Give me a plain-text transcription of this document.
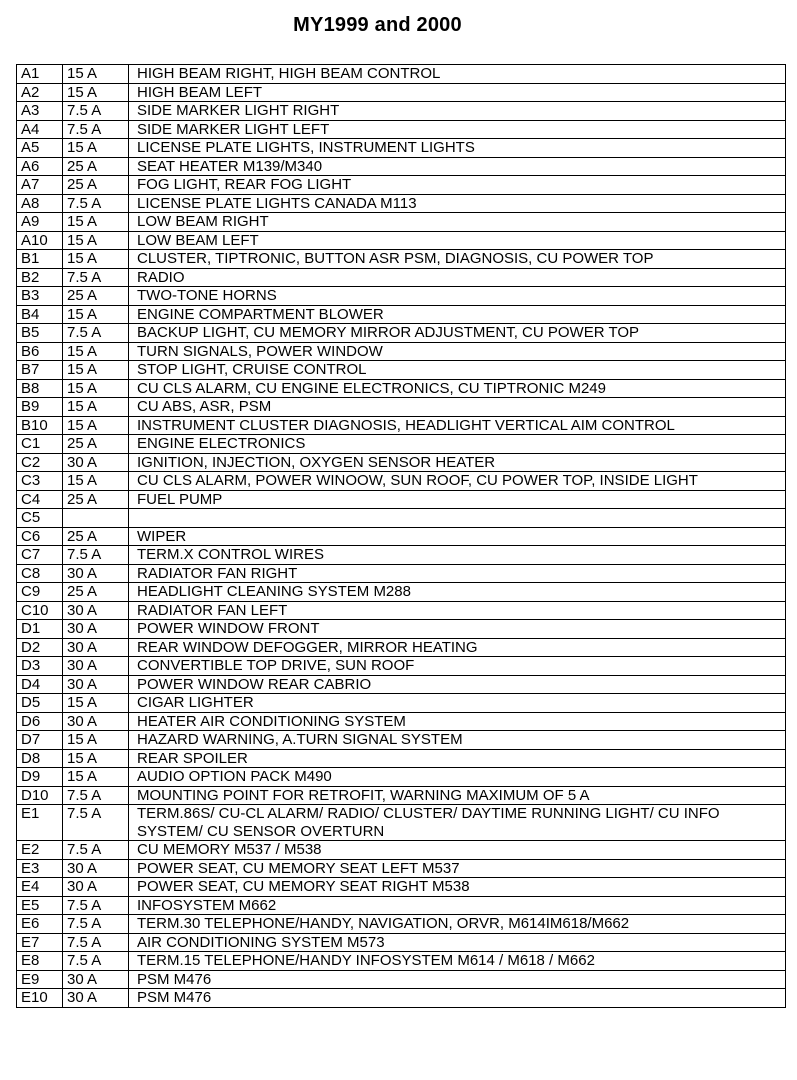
MY1999 and 2000
A1	15 A	HIGH BEAM RIGHT, HIGH BEAM CONTROL
A2	15 A	HIGH BEAM LEFT
A3	7.5 A	SIDE MARKER LIGHT RIGHT
A4	7.5 A	SIDE MARKER LIGHT LEFT
A5	15 A	LICENSE PLATE LIGHTS, INSTRUMENT LIGHTS
A6	25 A	SEAT HEATER M139/M340
A7	25 A	FOG LIGHT, REAR FOG LIGHT
A8	7.5 A	LICENSE PLATE LIGHTS CANADA M113
A9	15 A	LOW BEAM RIGHT
A10	15 A	LOW BEAM LEFT
B1	15 A	CLUSTER, TIPTRONIC, BUTTON ASR PSM, DIAGNOSIS, CU POWER TOP
B2	7.5 A	RADIO
B3	25 A	TWO-TONE HORNS
B4	15 A	ENGINE COMPARTMENT BLOWER
B5	7.5 A	BACKUP LIGHT, CU MEMORY MIRROR ADJUSTMENT, CU POWER TOP
B6	15 A	TURN SIGNALS, POWER WINDOW
B7	15 A	STOP LIGHT, CRUISE CONTROL
B8	15 A	CU CLS ALARM, CU ENGINE ELECTRONICS, CU TIPTRONIC M249
B9	15 A	CU ABS, ASR, PSM
B10	15 A	INSTRUMENT CLUSTER DIAGNOSIS, HEADLIGHT VERTICAL AIM CONTROL
C1	25 A	ENGINE ELECTRONICS
C2	30 A	IGNITION, INJECTION, OXYGEN SENSOR HEATER
C3	15 A	CU CLS ALARM, POWER WINOOW, SUN ROOF, CU POWER TOP, INSIDE LIGHT
C4	25 A	FUEL PUMP
C5		
C6	25 A	WIPER
C7	7.5 A	TERM.X CONTROL WIRES
C8	30 A	RADIATOR FAN RIGHT
C9	25 A	HEADLIGHT CLEANING SYSTEM M288
C10	30 A	RADIATOR FAN LEFT
D1	30 A	POWER WINDOW FRONT
D2	30 A	REAR WINDOW DEFOGGER, MIRROR HEATING
D3	30 A	CONVERTIBLE TOP DRIVE, SUN ROOF
D4	30 A	POWER WINDOW REAR CABRIO
D5	15 A	CIGAR LIGHTER
D6	30 A	HEATER AIR CONDITIONING SYSTEM
D7	15 A	HAZARD WARNING, A.TURN SIGNAL SYSTEM
D8	15 A	REAR SPOILER
D9	15 A	AUDIO OPTION PACK M490
D10	7.5 A	MOUNTING POINT FOR RETROFIT, WARNING MAXIMUM OF 5 A
E1	7.5 A	TERM.86S/ CU-CL ALARM/ RADIO/ CLUSTER/ DAYTIME RUNNING LIGHT/ CU INFO SYSTEM/ CU SENSOR OVERTURN
E2	7.5 A	CU MEMORY M537 / M538
E3	30 A	POWER SEAT, CU MEMORY SEAT LEFT M537
E4	30 A	POWER SEAT, CU MEMORY SEAT RIGHT M538
E5	7.5 A	INFOSYSTEM M662
E6	7.5 A	TERM.30 TELEPHONE/HANDY, NAVIGATION, ORVR, M614IM618/M662
E7	7.5 A	AIR CONDITIONING SYSTEM M573
E8	7.5 A	TERM.15 TELEPHONE/HANDY INFOSYSTEM M614 / M618 / M662
E9	30 A	PSM M476
E10	30 A	PSM M476
